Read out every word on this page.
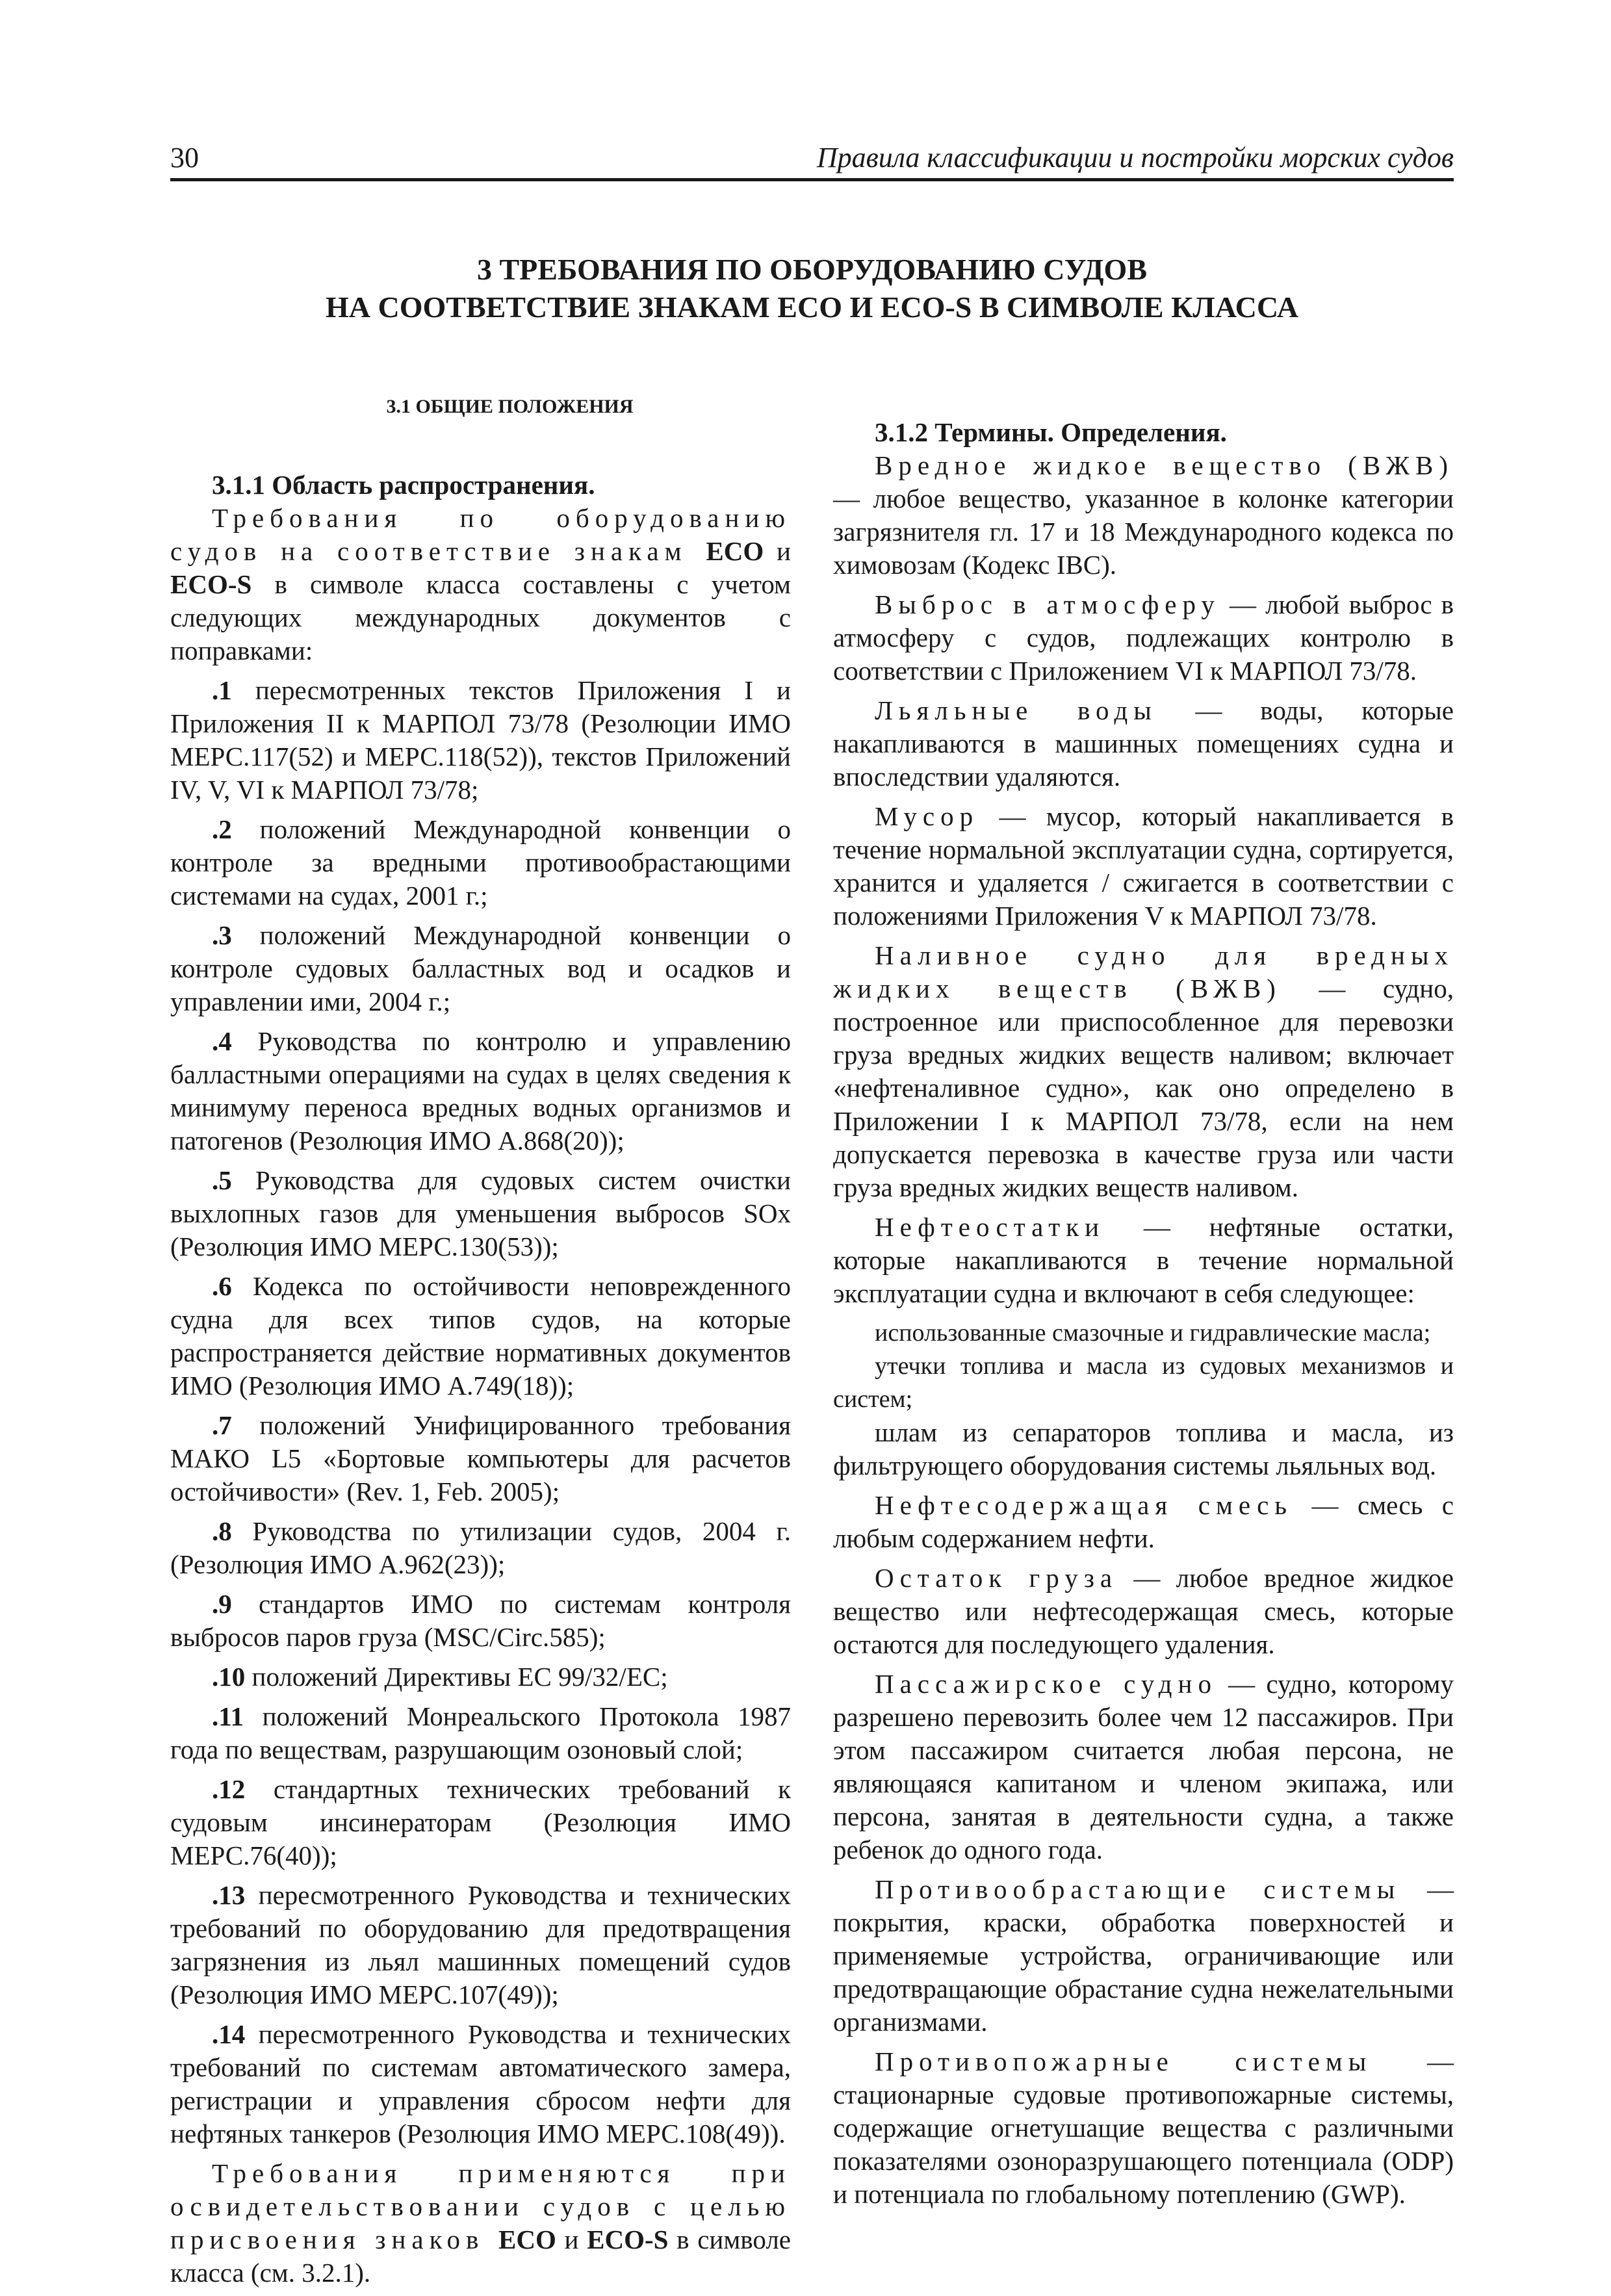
30	Правила классификации и постройки морских судов
3 ТРЕБОВАНИЯ ПО ОБОРУДОВАНИЮ СУДОВ
НА СООТВЕТСТВИЕ ЗНАКАМ ECO И ECO-S В СИМВОЛЕ КЛАССА

3.1 ОБЩИЕ ПОЛОЖЕНИЯ

3.1.1 Область распространения.

Требования по оборудованию судов на соответствие знакам ECO и ECO-S в символе класса составлены с учетом следующих международных документов с поправками:

.1 пересмотренных текстов Приложения I и Приложения II к МАРПОЛ 73/78 (Резолюции ИМО МЕРС.117(52) и МЕРС.118(52)), текстов Приложений IV, V, VI к МАРПОЛ 73/78;

.2 положений Международной конвенции о контроле за вредными противообрастающими системами на судах, 2001 г.;

.3 положений Международной конвенции о контроле судовых балластных вод и осадков и управлении ими, 2004 г.;

.4 Руководства по контролю и управлению балластными операциями на судах в целях сведения к минимуму переноса вредных водных организмов и патогенов (Резолюция ИМО А.868(20));

.5 Руководства для судовых систем очистки выхлопных газов для уменьшения выбросов SOx (Резолюция ИМО МЕРС.130(53));

.6 Кодекса по остойчивости неповрежденного судна для всех типов судов, на которые распространяется действие нормативных документов ИМО (Резолюция ИМО А.749(18));

.7 положений Унифицированного требования МАКО L5 «Бортовые компьютеры для расчетов остойчивости» (Rev. 1, Feb. 2005);

.8 Руководства по утилизации судов, 2004 г. (Резолюция ИМО А.962(23));

.9 стандартов ИМО по системам контроля выбросов паров груза (MSC/Circ.585);

.10 положений Директивы ЕС 99/32/ЕС;

.11 положений Монреальского Протокола 1987 года по веществам, разрушающим озоновый слой;

.12 стандартных технических требований к судовым инсинераторам (Резолюция ИМО МЕРС.76(40));

.13 пересмотренного Руководства и технических требований по оборудованию для предотвращения загрязнения из льял машинных помещений судов (Резолюция ИМО МЕРС.107(49));

.14 пересмотренного Руководства и технических требований по системам автоматического замера, регистрации и управления сбросом нефти для нефтяных танкеров (Резолюция ИМО МЕРС.108(49)).

Требования применяются при освидетельствовании судов с целью присвоения знаков ECO и ECO-S в символе класса (см. 3.2.1).

3.1.2 Термины. Определения.

Вредное жидкое вещество (ВЖВ) — любое вещество, указанное в колонке категории загрязнителя гл. 17 и 18 Международного кодекса по химовозам (Кодекс IBC).

Выброс в атмосферу — любой выброс в атмосферу с судов, подлежащих контролю в соответствии с Приложением VI к МАРПОЛ 73/78.

Льяльные воды — воды, которые накапливаются в машинных помещениях судна и впоследствии удаляются.

Мусор — мусор, который накапливается в течение нормальной эксплуатации судна, сортируется, хранится и удаляется / сжигается в соответствии с положениями Приложения V к МАРПОЛ 73/78.

Наливное судно для вредных жидких веществ (ВЖВ) — судно, построенное или приспособленное для перевозки груза вредных жидких веществ наливом; включает «нефтеналивное судно», как оно определено в Приложении I к МАРПОЛ 73/78, если на нем допускается перевозка в качестве груза или части груза вредных жидких веществ наливом.

Нефтеостатки — нефтяные остатки, которые накапливаются в течение нормальной эксплуатации судна и включают в себя следующее:

использованные смазочные и гидравлические масла;

утечки топлива и масла из судовых механизмов и систем;

шлам из сепараторов топлива и масла, из фильтрующего оборудования системы льяльных вод.

Нефтесодержащая смесь — смесь с любым содержанием нефти.

Остаток груза — любое вредное жидкое вещество или нефтесодержащая смесь, которые остаются для последующего удаления.

Пассажирское судно — судно, которому разрешено перевозить более чем 12 пассажиров. При этом пассажиром считается любая персона, не являющаяся капитаном и членом экипажа, или персона, занятая в деятельности судна, а также ребенок до одного года.

Противообрастающие системы — покрытия, краски, обработка поверхностей и применяемые устройства, ограничивающие или предотвращающие обрастание судна нежелательными организмами.

Противопожарные системы — стационарные судовые противопожарные системы, содержащие огнетушащие вещества с различными показателями озоноразрушающего потенциала (ODP) и потенциала по глобальному потеплению (GWP).
